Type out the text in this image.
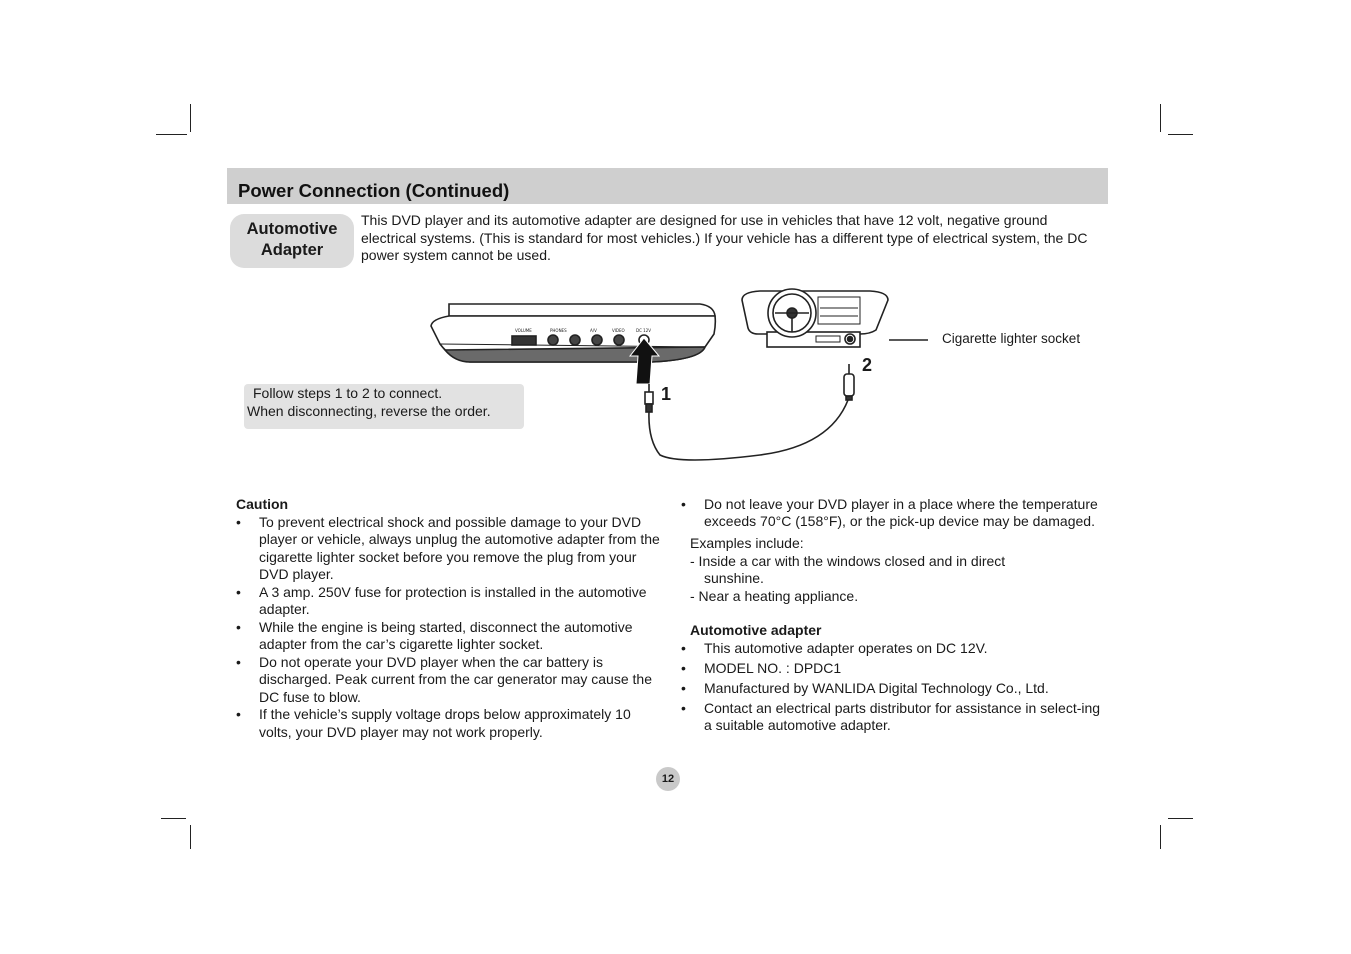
Power Connection (Continued)
Automotive
Adapter

This DVD player and its automotive adapter are designed for use in vehicles that have 12 volt, negative ground electrical systems. (This is standard for most vehicles.) If your vehicle has a different type of electrical system, the DC power system cannot be used.

VOLUME	PHONES	A/V	VIDEO	DC 12V
Cigarette lighter socket
1
2
Follow steps 1 to 2 to connect.
When disconnecting, reverse the order.
Caution
• To prevent electrical shock and possible damage to your DVD player or vehicle, always unplug the automotive adapter from the cigarette lighter socket before you remove the plug from your DVD player.
• A 3 amp. 250V fuse for protection is installed in the automotive adapter.
• While the engine is being started, disconnect the automotive adapter from the car’s cigarette lighter socket.
• Do not operate your DVD player when the car battery is discharged. Peak current from the car generator may cause the DC fuse to blow.
• If the vehicle’s supply voltage drops below approximately 10 volts, your DVD player may not work properly.
• Do not leave your DVD player in a place where the temperature exceeds 70°C (158°F), or the pick-up device may be damaged.
Examples include:
- Inside a car with the windows closed and in direct
sunshine.
- Near a heating appliance.
Automotive adapter
• This automotive adapter operates on DC 12V.
• MODEL NO. : DPDC1
• Manufactured by WANLIDA Digital Technology Co., Ltd.
• Contact an electrical parts distributor for assistance in select-ing a suitable automotive adapter.
12
